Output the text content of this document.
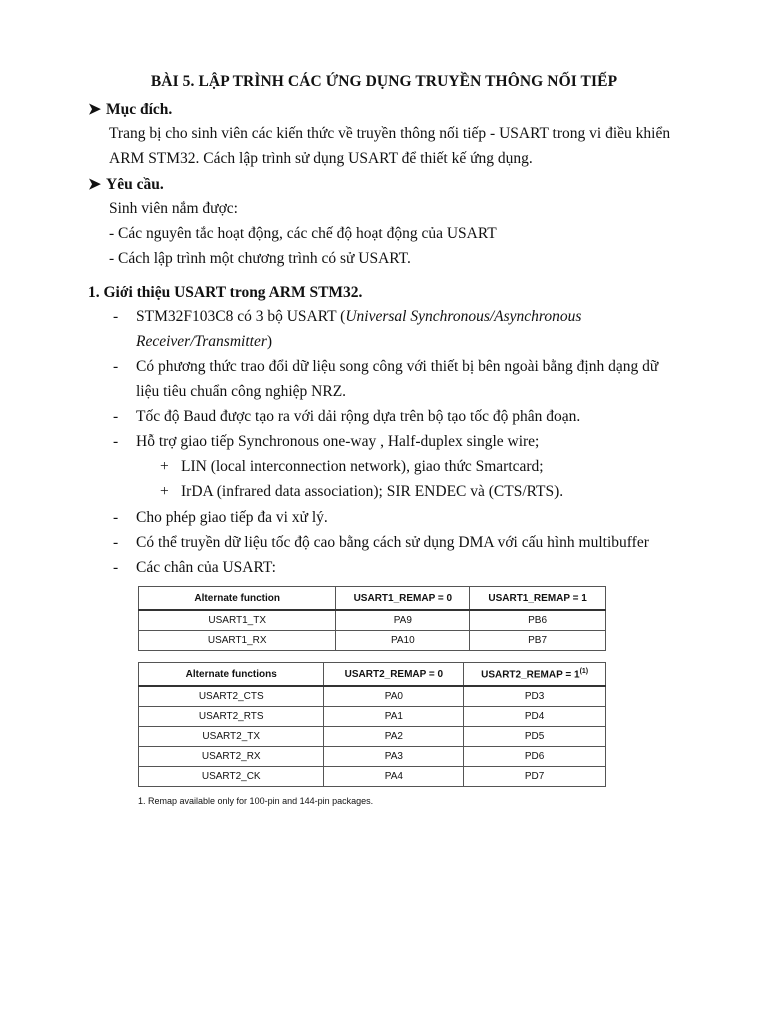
BÀI 5. LẬP TRÌNH CÁC ỨNG DỤNG TRUYỀN THÔNG NỐI TIẾP
➤ Mục đích.
Trang bị cho sinh viên các kiến thức về truyền thông nối tiếp - USART trong vi điều khiển
ARM STM32. Cách lập trình sử dụng USART để thiết kế ứng dụng.
➤ Yêu cầu.
Sinh viên nắm được:
- Các nguyên tắc hoạt động, các chế độ hoạt động của USART
- Cách lập trình một chương trình có sử USART.
1. Giới thiệu USART trong ARM STM32.
- STM32F103C8 có 3 bộ USART (Universal Synchronous/Asynchronous
Receiver/Transmitter)
- Có phương thức trao đổi dữ liệu song công với thiết bị bên ngoài bằng định dạng dữ
liệu tiêu chuẩn công nghiệp NRZ.
- Tốc độ Baud được tạo ra với dải rộng dựa trên bộ tạo tốc độ phân đoạn.
- Hỗ trợ giao tiếp Synchronous one-way , Half-duplex single wire;
+ LIN (local interconnection network), giao thức Smartcard;
+ IrDA (infrared data association); SIR ENDEC và (CTS/RTS).
- Cho phép giao tiếp đa vi xử lý.
- Có thể truyền dữ liệu tốc độ cao bằng cách sử dụng DMA với cấu hình multibuffer
- Các chân của USART:
Alternate function	USART1_REMAP = 0	USART1_REMAP = 1
USART1_TX	PA9	PB6
USART1_RX	PA10	PB7
Alternate functions	USART2_REMAP = 0	USART2_REMAP = $1^{(1)}$
USART2_CTS	PA0	PD3
USART2_RTS	PA1	PD4
USART2_TX	PA2	PD5
USART2_RX	PA3	PD6
USART2_CK	PA4	PD7
1. Remap available only for 100-pin and 144-pin packages.
